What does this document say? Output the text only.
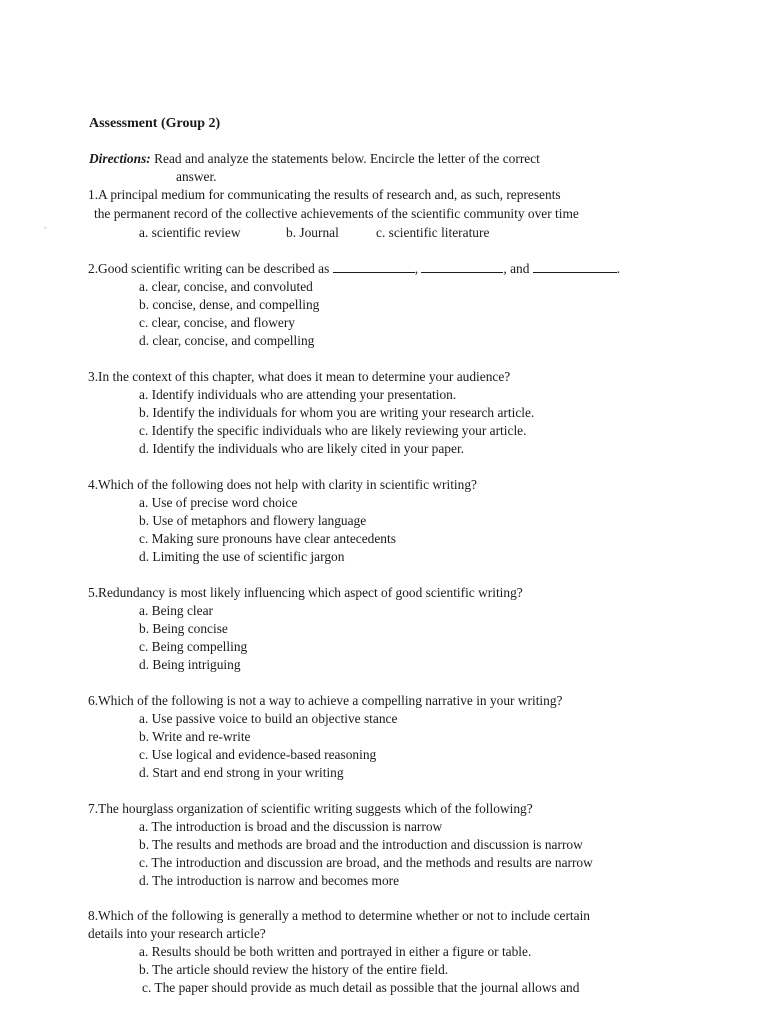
Assessment (Group 2)
Directions: Read and analyze the statements below. Encircle the letter of the correct
answer.
`
1.A principal medium for communicating the results of research and, as such, represents
the permanent record of the collective achievements of the scientific community over time
a. scientific review	b. Journal	c. scientific literature
2.Good scientific writing can be described as	,	, and	.
a. clear, concise, and convoluted
b. concise, dense, and compelling
c. clear, concise, and flowery
d. clear, concise, and compelling
3.In the context of this chapter, what does it mean to determine your audience?
a. Identify individuals who are attending your presentation.
b. Identify the individuals for whom you are writing your research article.
c. Identify the specific individuals who are likely reviewing your article.
d. Identify the individuals who are likely cited in your paper.
4.Which of the following does not help with clarity in scientific writing?
a. Use of precise word choice
b. Use of metaphors and flowery language
c. Making sure pronouns have clear antecedents
d. Limiting the use of scientific jargon
5.Redundancy is most likely influencing which aspect of good scientific writing?
a. Being clear
b. Being concise
c. Being compelling
d. Being intriguing
6.Which of the following is not a way to achieve a compelling narrative in your writing?
a. Use passive voice to build an objective stance
b. Write and re-write
c. Use logical and evidence-based reasoning
d. Start and end strong in your writing
7.The hourglass organization of scientific writing suggests which of the following?
a. The introduction is broad and the discussion is narrow
b. The results and methods are broad and the introduction and discussion is narrow
c. The introduction and discussion are broad, and the methods and results are narrow
d. The introduction is narrow and becomes more
8.Which of the following is generally a method to determine whether or not to include certain
details into your research article?
a. Results should be both written and portrayed in either a figure or table.
b. The article should review the history of the entire field.
c. The paper should provide as much detail as possible that the journal allows and
